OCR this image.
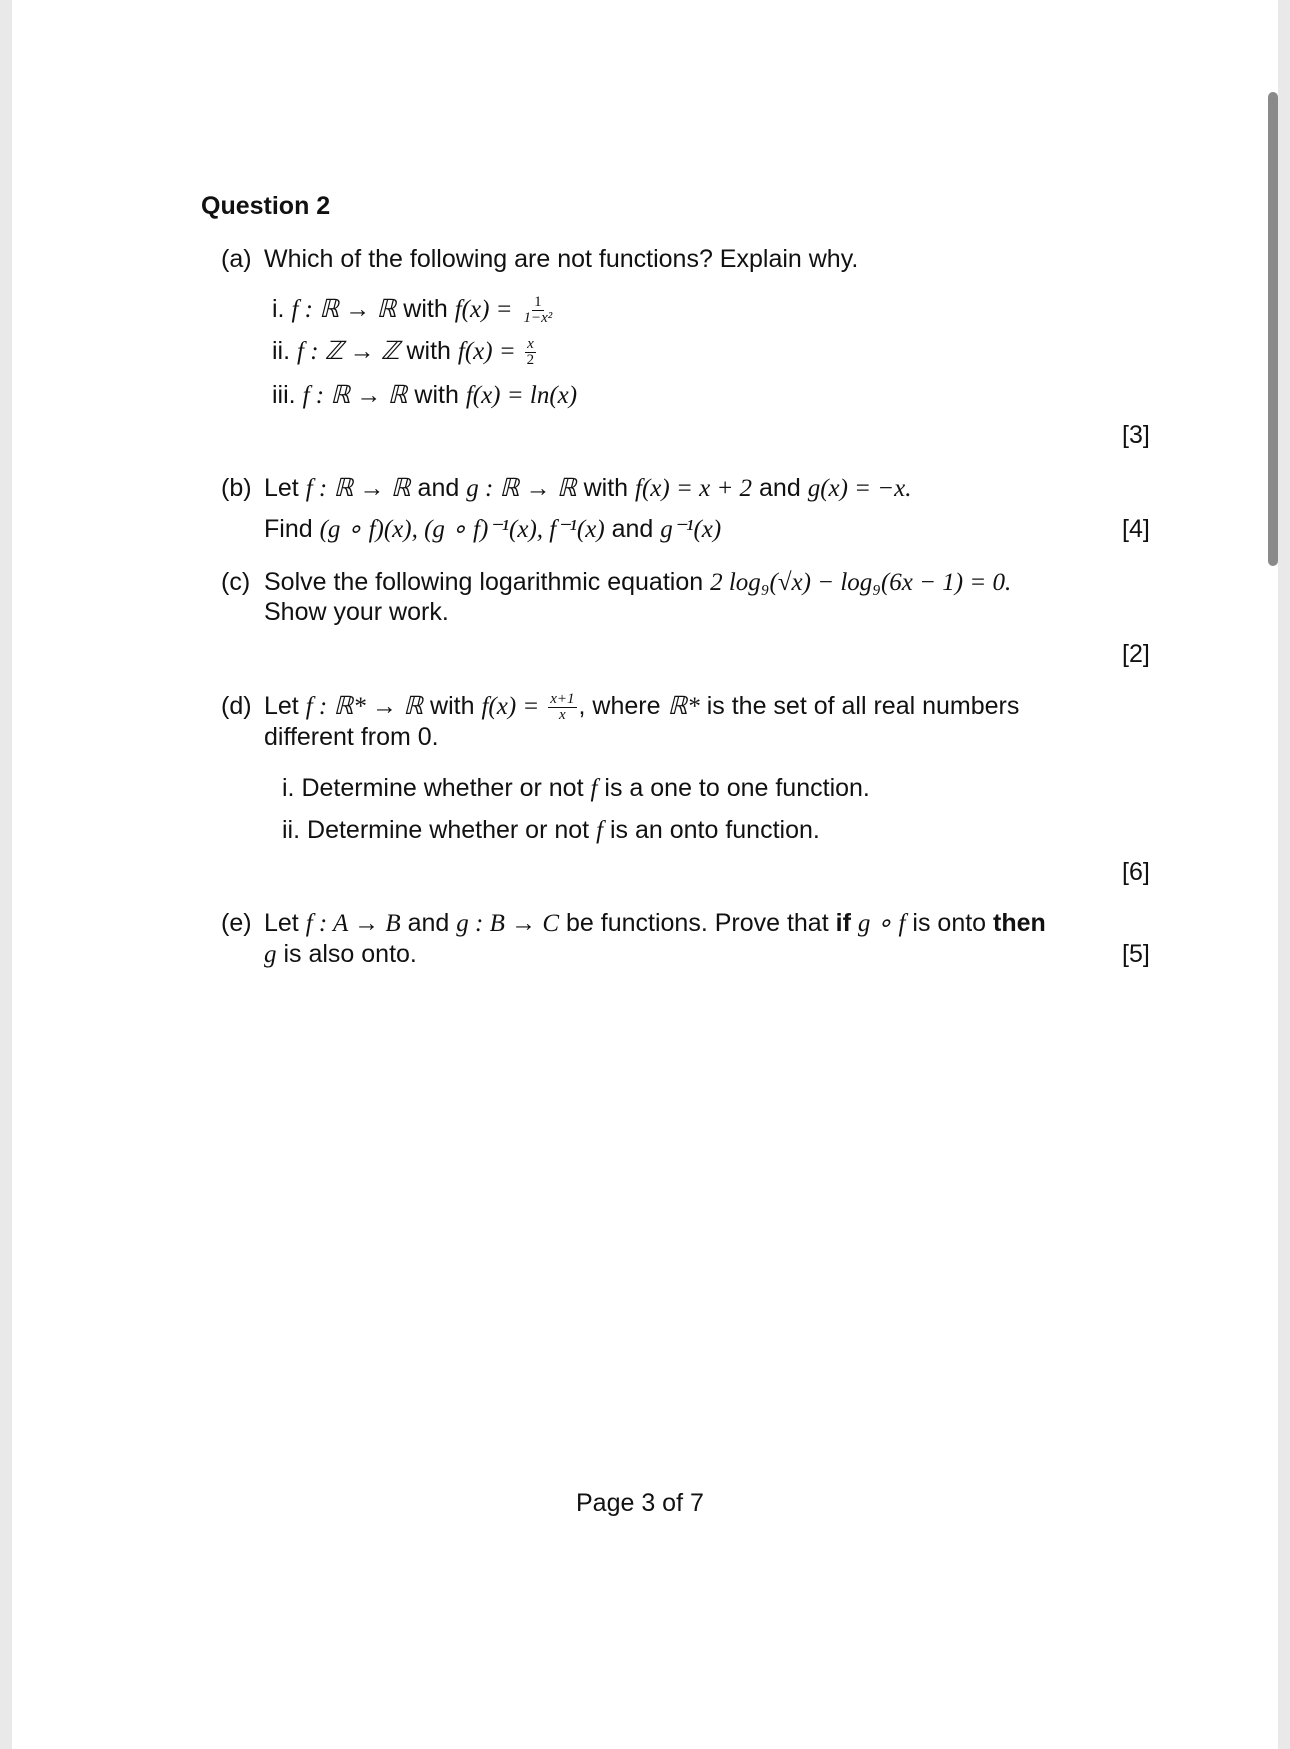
Question 2
(a) Which of the following are not functions? Explain why.
i. f : ℝ → ℝ with $f(x) = \frac{1}{\text{1−x²}}$
ii. f : ℤ → ℤ with $f(x) = \frac{x}{2}$
iii. f : ℝ → ℝ with f(x) = ln(x)
[3]
(b) Let f : ℝ → ℝ and g : ℝ → ℝ with f(x) = x + 2 and g(x) = −x.
Find (g ∘ f)(x), (g ∘ f)⁻¹(x), f⁻¹(x) and g⁻¹(x)	[4]
(c) Solve the following logarithmic equation 2 log₉(√x) − log₉(6x − 1) = 0.
Show your work.
[2]
(d) Let f : ℝ* → ℝ with $f(x) = \frac{x+1}{x}$ , where ℝ* is the set of all real numbers
different from 0.
i. Determine whether or not f is a one to one function.
ii. Determine whether or not f is an onto function.
[6]
(e) Let f : A → B and g : B → C be functions. Prove that if g ∘ f is onto then
g is also onto.	[5]
Page 3 of 7
